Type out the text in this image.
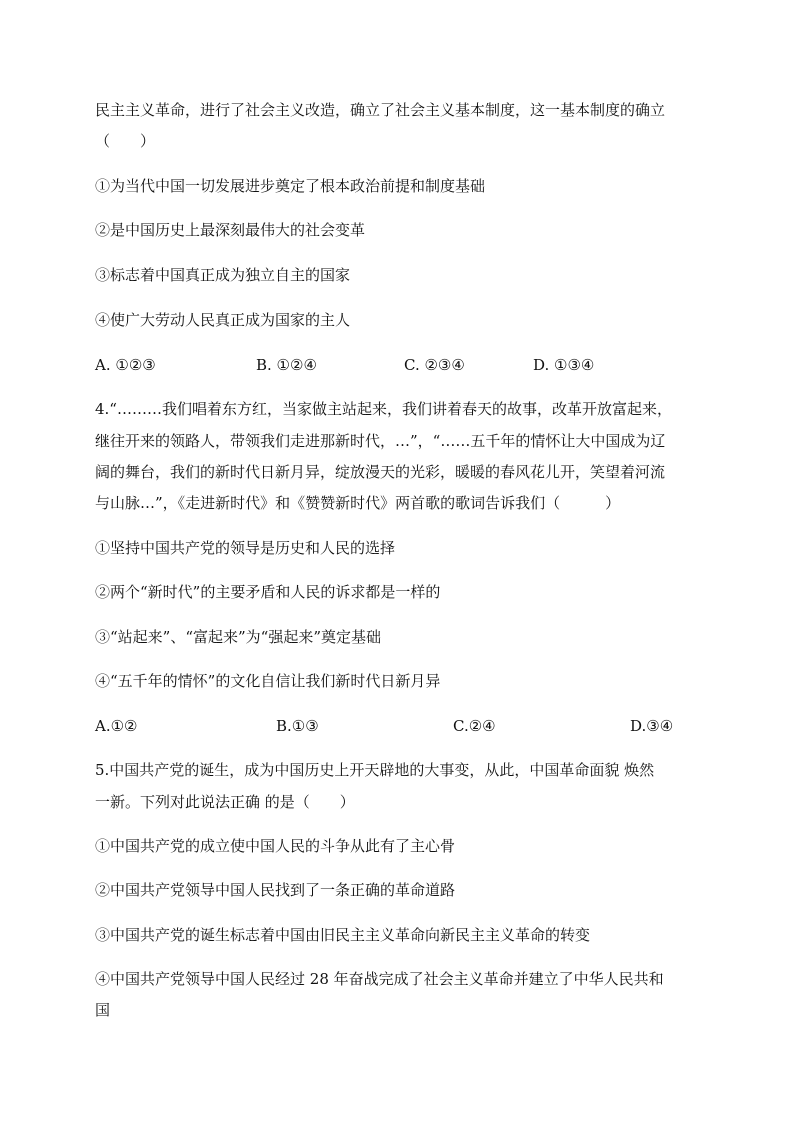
民主主义革命，进行了社会主义改造，确立了社会主义基本制度，这一基本制度的确立
（　　）
①为当代中国一切发展进步奠定了根本政治前提和制度基础
②是中国历史上最深刻最伟大的社会变革
③标志着中国真正成为独立自主的国家
④使广大劳动人民真正成为国家的主人
A. ①②③	B. ①②④	C. ②③④	D. ①③④
4.“………我们唱着东方红，当家做主站起来，我们讲着春天的故事，改革开放富起来，
继往开来的领路人，带领我们走进那新时代，…”，“……五千年的情怀让大中国成为辽
阔的舞台，我们的新时代日新月异，绽放漫天的光彩，暖暖的春风花儿开，笑望着河流
与山脉…”，《走进新时代》和《赞赞新时代》两首歌的歌词告诉我们（　　　）
①坚持中国共产党的领导是历史和人民的选择
②两个“新时代”的主要矛盾和人民的诉求都是一样的
③“站起来”、“富起来”为“强起来”奠定基础
④“五千年的情怀”的文化自信让我们新时代日新月异
A.①②	B.①③	C.②④	D.③④
5.中国共产党的诞生，成为中国历史上开天辟地的大事变，从此，中国革命面貌 焕然
一新。下列对此说法正确 的是（　　）
①中国共产党的成立使中国人民的斗争从此有了主心骨
②中国共产党领导中国人民找到了一条正确的革命道路
③中国共产党的诞生标志着中国由旧民主主义革命向新民主主义革命的转变
④中国共产党领导中国人民经过 28 年奋战完成了社会主义革命并建立了中华人民共和
国
